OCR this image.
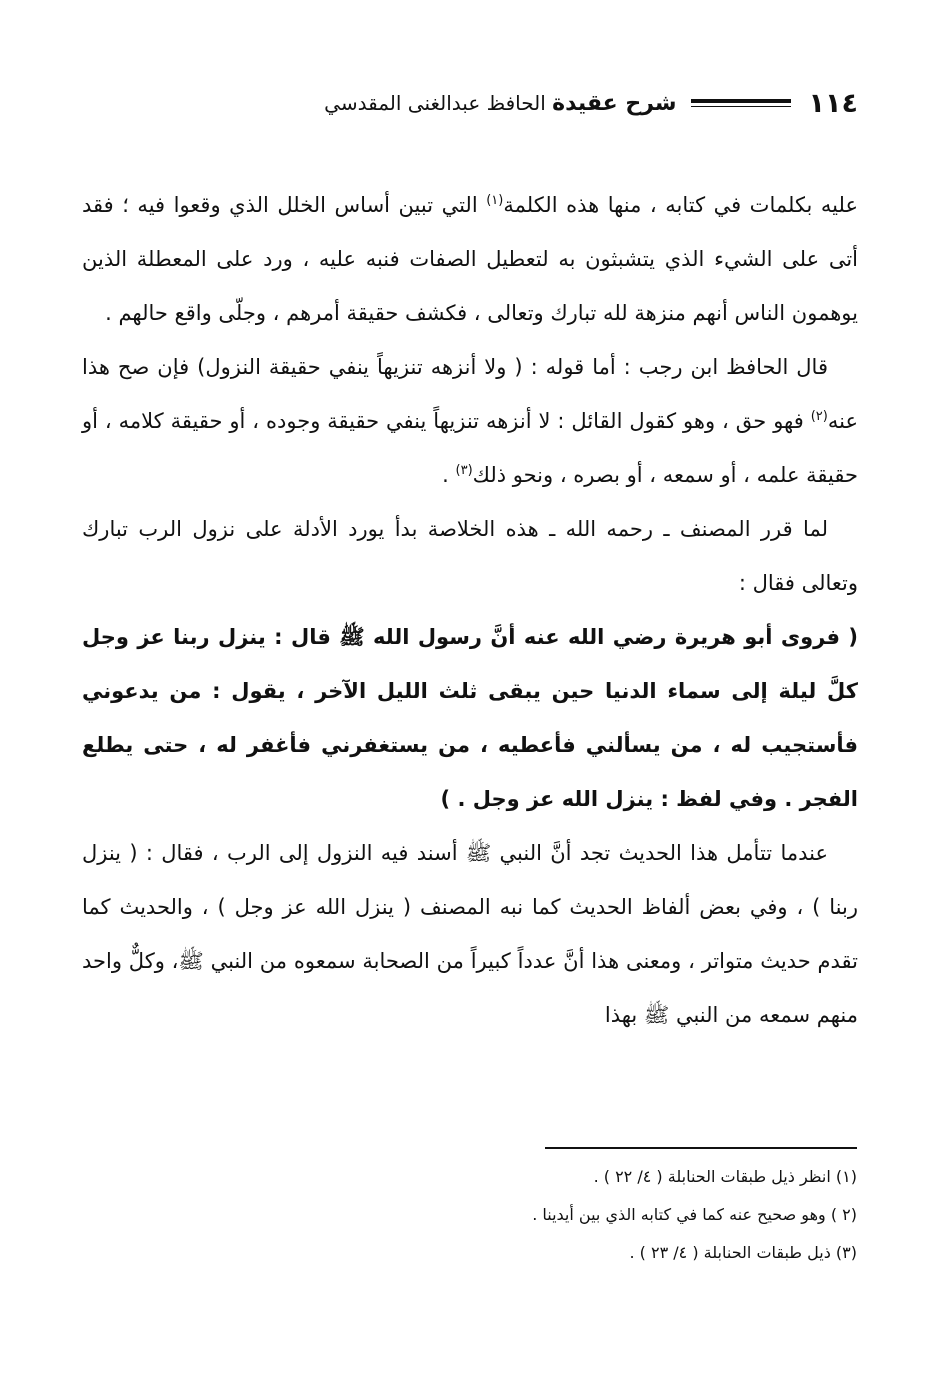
١١٤
شرح عقيدة الحافظ عبدالغنى المقدسي

عليه بكلمات في كتابه ، منها هذه الكلمة$^{(١)}$ التي تبين أساس الخلل الذي وقعوا فيه ؛ فقد أتى على الشيء الذي يتشبثون به لتعطيل الصفات فنبه عليه ، ورد على المعطلة الذين يوهمون الناس أنهم منزهة لله تبارك وتعالى ، فكشف حقيقة أمرهم ، وجلّى واقع حالهم .

قال الحافظ ابن رجب : أما قوله : ( ولا أنزهه تنزيهاً ينفي حقيقة النزول) فإن صح هذا عنه$^{(٢)}$ فهو حق ، وهو كقول القائل : لا أنزهه تنزيهاً ينفي حقيقة وجوده ، أو حقيقة كلامه ، أو حقيقة علمه ، أو سمعه ، أو بصره ، ونحو ذلك$^{(٣)}$ .

لما قرر المصنف ـ رحمه الله ـ هذه الخلاصة بدأ يورد الأدلة على نزول الرب تبارك وتعالى فقال :

( فروى أبو هريرة رضي الله عنه أنَّ رسول الله ﷺ قال : ينزل ربنا عز وجل كلَّ ليلة إلى سماء الدنيا حين يبقى ثلث الليل الآخر ، يقول : من يدعوني فأستجيب له ، من يسألني فأعطيه ، من يستغفرني فأغفر له ، حتى يطلع الفجر . وفي لفظ : ينزل الله عز وجل . )

عندما تتأمل هذا الحديث تجد أنَّ النبي ﷺ أسند فيه النزول إلى الرب ، فقال : ( ينزل ربنا ) ، وفي بعض ألفاظ الحديث كما نبه المصنف ( ينزل الله عز وجل ) ، والحديث كما تقدم حديث متواتر ، ومعنى هذا أنَّ عدداً كبيراً من الصحابة سمعوه من النبي ﷺ، وكلٌّ واحد منهم سمعه من النبي ﷺ بهذا

(١) انظر ذيل طبقات الحنابلة ( ٤/ ٢٢ ) .

(٢ ) وهو صحيح عنه كما في كتابه الذي بين أيدينا .

(٣) ذيل طبقات الحنابلة ( ٤/ ٢٣ ) .
